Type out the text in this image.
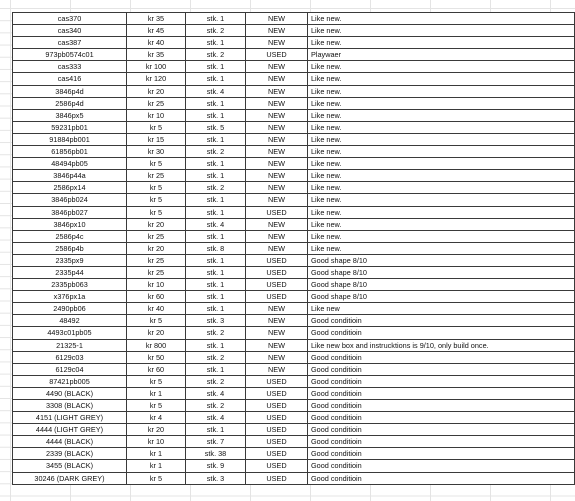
cas370	kr 35	stk. 1	NEW	Like new.
cas340	kr 45	stk. 2	NEW	Like new.
cas387	kr 40	stk. 1	NEW	Like new.
973pb0574c01	kr 35	stk. 2	USED	Playwaer
cas333	kr 100	stk. 1	NEW	Like new.
cas416	kr 120	stk. 1	NEW	Like new.
3846p4d	kr 20	stk. 4	NEW	Like new.
2586p4d	kr 25	stk. 1	NEW	Like new.
3846px5	kr 10	stk. 1	NEW	Like new.
59231pb01	kr 5	stk. 5	NEW	Like new.
91884pb001	kr 15	stk. 1	NEW	Like new.
61856pb01	kr 30	stk. 2	NEW	Like new.
48494pb05	kr 5	stk. 1	NEW	Like new.
3846p44a	kr 25	stk. 1	NEW	Like new.
2586px14	kr 5	stk. 2	NEW	Like new.
3846pb024	kr 5	stk. 1	NEW	Like new.
3846pb027	kr 5	stk. 1	USED	Like new.
3846px10	kr 20	stk. 4	NEW	Like new.
2586p4c	kr 25	stk. 1	NEW	Like new.
2586p4b	kr 20	stk. 8	NEW	Like new.
2335px9	kr 25	stk. 1	USED	Good shape 8/10
2335p44	kr 25	stk. 1	USED	Good shape 8/10
2335pb063	kr 10	stk. 1	USED	Good shape 8/10
x376px1a	kr 60	stk. 1	USED	Good shape 8/10
2490pb06	kr 40	stk. 1	NEW	Like new
48492	kr 5	stk. 3	NEW	Good conditioin
4493c01pb05	kr 20	stk. 2	NEW	Good conditioin
21325-1	kr 800	stk. 1	NEW	Like new box and instrucktions is 9/10, only build once.
6129c03	kr 50	stk. 2	NEW	Good conditioin
6129c04	kr 60	stk. 1	NEW	Good conditioin
87421pb005	kr 5	stk. 2	USED	Good conditioin
4490 (BLACK)	kr 1	stk. 4	USED	Good conditioin
3308 (BLACK)	kr 5	stk. 2	USED	Good conditioin
4151 (LIGHT GREY)	kr 4	stk. 4	USED	Good conditioin
4444 (LIGHT GREY)	kr 20	stk. 1	USED	Good conditioin
4444 (BLACK)	kr 10	stk. 7	USED	Good conditioin
2339 (BLACK)	kr 1	stk. 38	USED	Good conditioin
3455 (BLACK)	kr 1	stk. 9	USED	Good conditioin
30246 (DARK GREY)	kr 5	stk. 3	USED	Good conditioin
